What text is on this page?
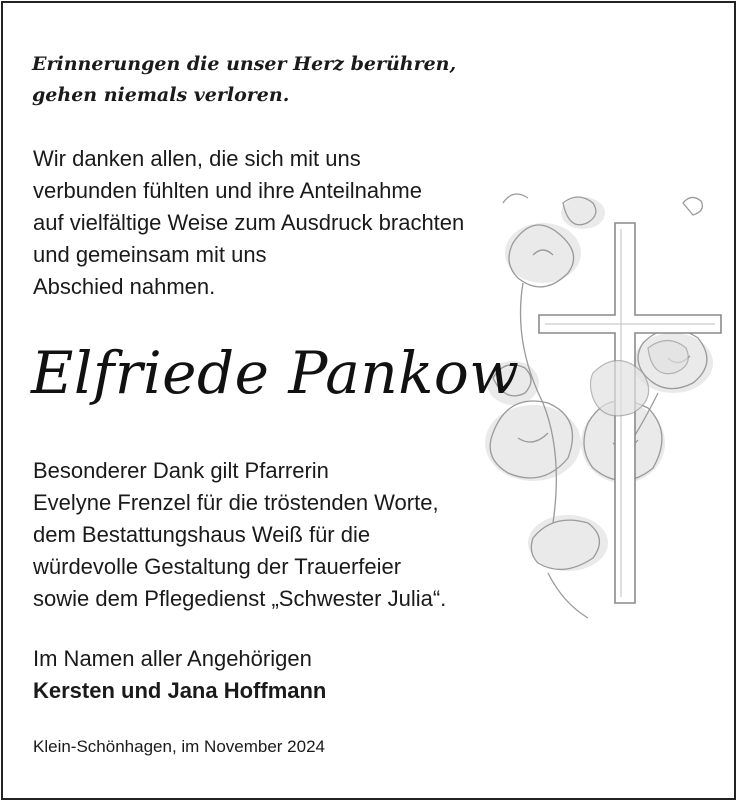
Erinnerungen die unser Herz berühren,
gehen niemals verloren.
Wir danken allen, die sich mit uns
verbunden fühlten und ihre Anteilnahme
auf vielfältige Weise zum Ausdruck brachten
und gemeinsam mit uns
Abschied nahmen.
Elfriede Pankow
Besonderer Dank gilt Pfarrerin
Evelyne Frenzel für die tröstenden Worte,
dem Bestattungshaus Weiß für die
würdevolle Gestaltung der Trauerfeier
sowie dem Pflegedienst „Schwester Julia“.
Im Namen aller Angehörigen
Kersten und Jana Hoffmann
Klein-Schönhagen, im November 2024
